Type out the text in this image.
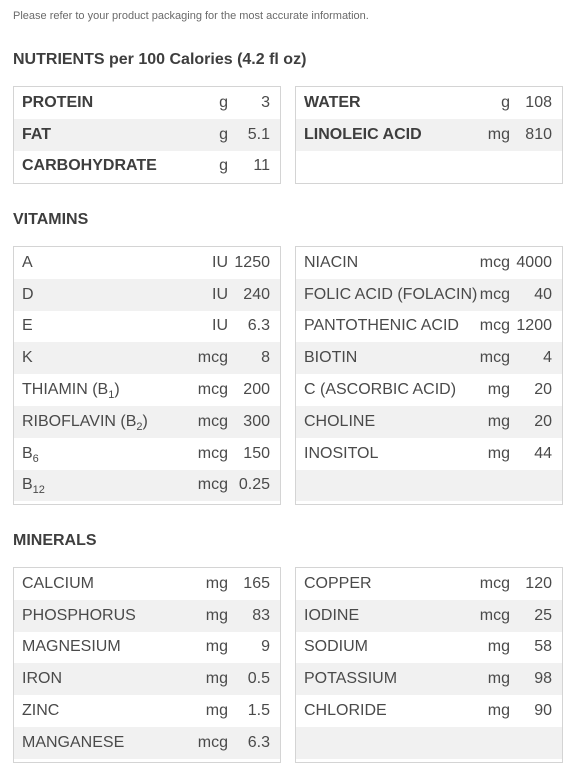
Please refer to your product packaging for the most accurate information.
NUTRIENTS per 100 Calories (4.2 fl oz)
PROTEIN	g 3
FAT	g 5.1
CARBOHYDRATE	g 11
WATER	g 108
LINOLEIC ACID	mg 810
VITAMINS
A	IU 1250
D	IU 240
E	IU 6.3
K	mcg 8
THIAMIN $(B_1)$	mcg 200
RIBOFLAVIN $(B_2)$	mcg 300
$B_6$	mcg 150
$B_{12}$	mcg 0.25
NIACIN	mcg 4000
FOLIC ACID (FOLACIN) mcg 40
PANTOTHENIC ACID mcg 1200
BIOTIN	mcg 4
C (ASCORBIC ACID) mg 20
CHOLINE	mg 20
INOSITOL	mg 44
MINERALS
CALCIUM	mg 165
PHOSPHORUS	mg 83
MAGNESIUM	mg 9
IRON	mg 0.5
ZINC	mg 1.5
MANGANESE	mcg 6.3
COPPER	mcg 120
IODINE	mcg 25
SODIUM	mg 58
POTASSIUM	mg 98
CHLORIDE	mg 90
